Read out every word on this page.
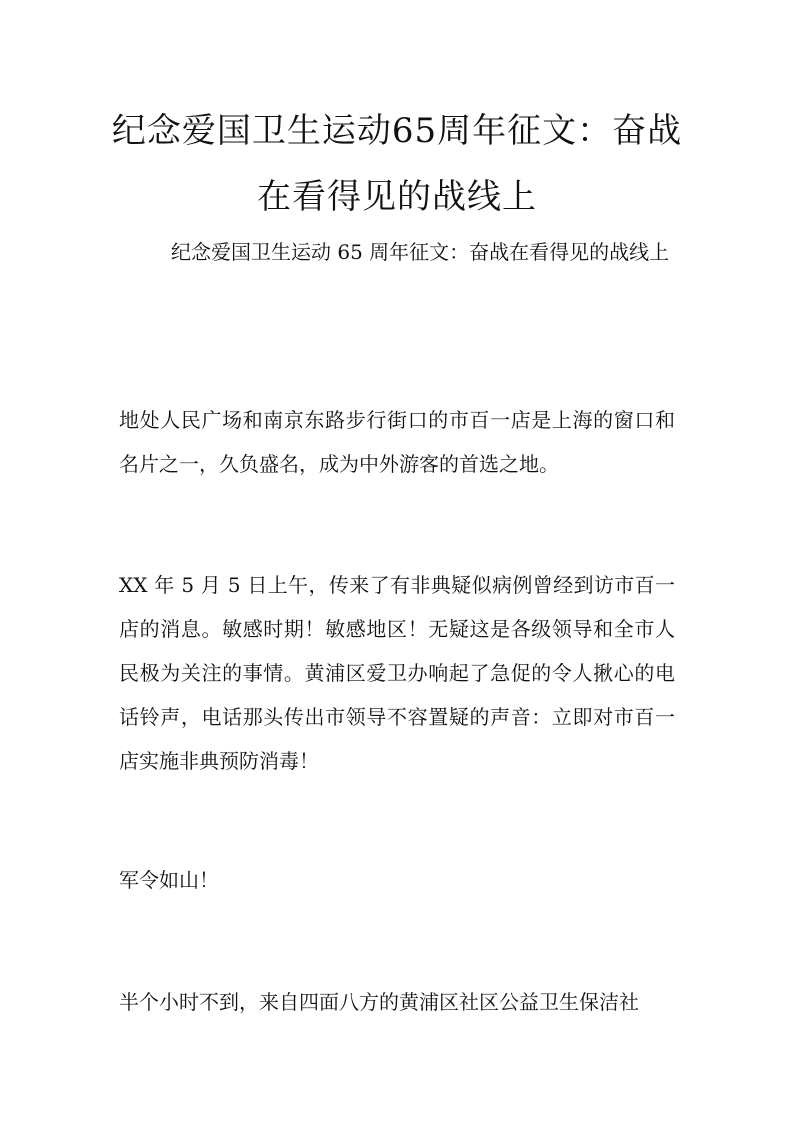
纪念爱国卫生运动65周年征文：奋战在看得见的战线上

纪念爱国卫生运动 65 周年征文：奋战在看得见的战线上

地处人民广场和南京东路步行街口的市百一店是上海的窗口和名片之一，久负盛名，成为中外游客的首选之地。

XX 年 5 月 5 日上午，传来了有非典疑似病例曾经到访市百一店的消息。敏感时期！敏感地区！无疑这是各级领导和全市人民极为关注的事情。黄浦区爱卫办响起了急促的令人揪心的电话铃声，电话那头传出市领导不容置疑的声音：立即对市百一店实施非典预防消毒！

军令如山！

半个小时不到，来自四面八方的黄浦区社区公益卫生保洁社
